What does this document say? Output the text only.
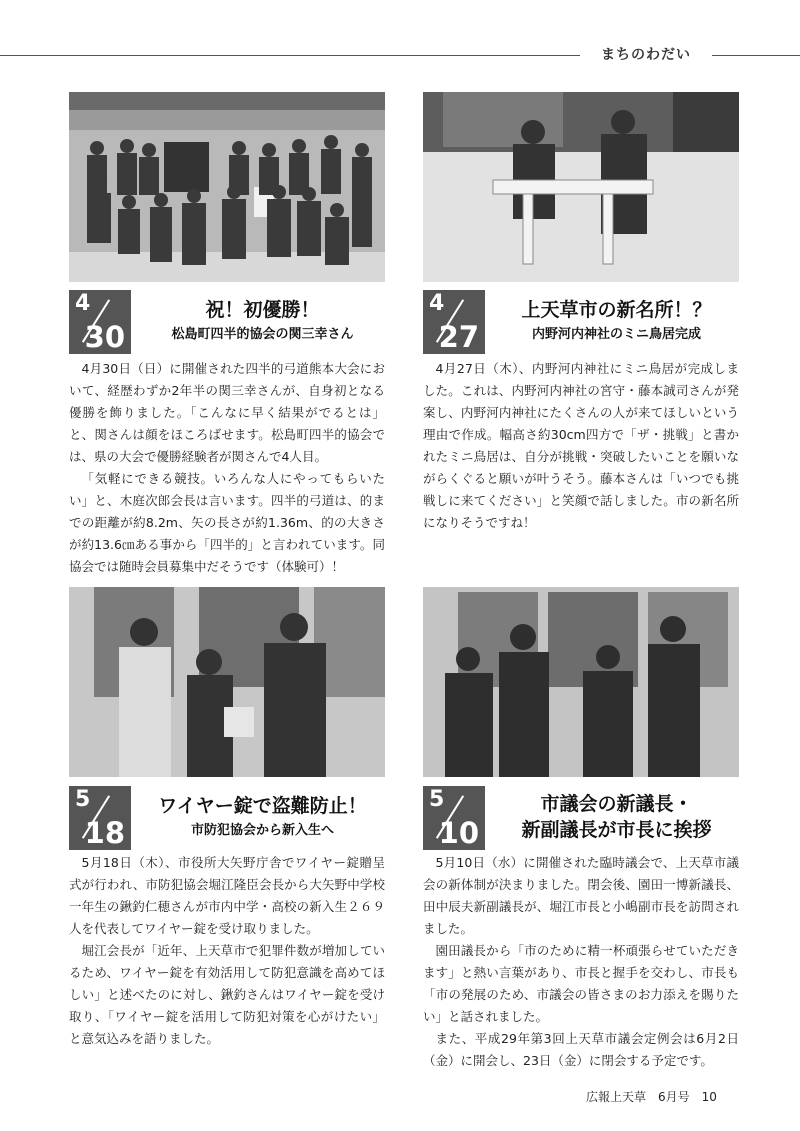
まちのわだい
4
30
祝！初優勝！
松島町四半的協会の関三幸さん

4月30日（日）に開催された四半的弓道熊本大会において、経歴わずか2年半の関三幸さんが、自身初となる優勝を飾りました。「こんなに早く結果がでるとは」と、関さんは顔をほころばせます。松島町四半的協会では、県の大会で優勝経験者が関さんで4人目。

「気軽にできる競技。いろんな人にやってもらいたい」と、木庭次郎会長は言います。四半的弓道は、的までの距離が約8.2m、矢の長さが約1.36m、的の大きさが約13.6㎝ある事から「四半的」と言われています。同協会では随時会員募集中だそうです（体験可）！

4
27
上天草市の新名所！？
内野河内神社のミニ鳥居完成

4月27日（木）、内野河内神社にミニ鳥居が完成しました。これは、内野河内神社の宮守・藤本誠司さんが発案し、内野河内神社にたくさんの人が来てほしいという理由で作成。幅高さ約30cm四方で「ザ・挑戦」と書かれたミニ鳥居は、自分が挑戦・突破したいことを願いながらくぐると願いが叶うそう。藤本さんは「いつでも挑戦しに来てください」と笑顔で話しました。市の新名所になりそうですね！

5
18
ワイヤー錠で盗難防止！
市防犯協会から新入生へ

5月18日（木）、市役所大矢野庁舎でワイヤー錠贈呈式が行われ、市防犯協会堀江隆臣会長から大矢野中学校一年生の鍬釣仁穂さんが市内中学・高校の新入生２６９人を代表してワイヤー錠を受け取りました。

堀江会長が「近年、上天草市で犯罪件数が増加しているため、ワイヤー錠を有効活用して防犯意識を高めてほしい」と述べたのに対し、鍬釣さんはワイヤー錠を受け取り、「ワイヤー錠を活用して防犯対策を心がけたい」と意気込みを語りました。

5
10
市議会の新議長・
新副議長が市長に挨拶

5月10日（水）に開催された臨時議会で、上天草市議会の新体制が決まりました。閉会後、園田一博新議長、田中辰夫新副議長が、堀江市長と小嶋副市長を訪問されました。

園田議長から「市のために精一杯頑張らせていただきます」と熱い言葉があり、市長と握手を交わし、市長も「市の発展のため、市議会の皆さまのお力添えを賜りたい」と話されました。

また、平成29年第3回上天草市議会定例会は6月2日（金）に開会し、23日（金）に閉会する予定です。

広報上天草　6月号　10
